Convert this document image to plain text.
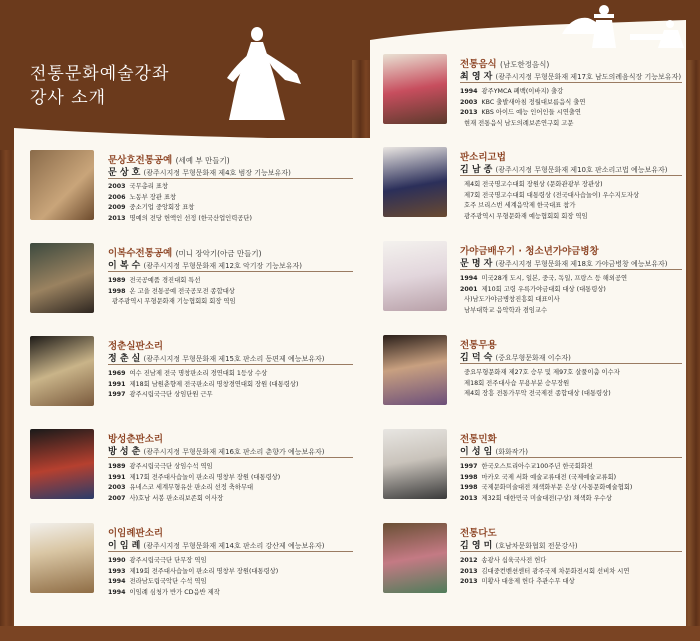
전통문화예술강좌
강사 소개
문상호전통공예 (세예 부 만들기)
문 상 호 (광주시지정 무형문화재 제4호 범장 기능보유자)
2003 국무총리 표창
2006 노동부 장관 표창
2009 중소기업 중앙회장 표창
2013 명예의 전당 헌액인 선정 (한국산업인력공단)
이복수전통공예 (미니 장악기(아금 만들기)
이 복 수 (광주시지정 무형문화재 제12호 악기장 기능보유자)
1989 전국공예품 경진대회 특선
1998 온 고을 전통공예 전국공모전 종합대상
광주광역시 무형문화재 기능협회회 회장 역임
정춘실판소리
정 춘 실 (광주시지정 무형문화재 제15호 판소리 동편제 예능보유자)
1969 여수 진남제 전국 명창판소리 경연대회 1등상 수상
1991 제18회 남원춘향제 전국판소리 명창경연대회 장원 (대통령상)
1997 광주시립국극단 상임단원 근무
방성춘판소리
방 성 춘 (광주시지정 무형문화재 제16호 판소리 춘향가 예능보유자)
1989 광주시립국극단 상임수석 역임
1991 제17회 전주대사습놀이 판소리 명창부 장원 (대통령상)
2003 유네스코 세계무형유산 판소리 선정 축하무대
2007 사)호남 서봉 판소리보존회 이사장
이임례판소리
이 임 례 (광주시지정 무형문화재 제14호 판소리 강산제 예능보유자)
1990 광주시립국극단 단무장 역임
1993 제19회 전주대사습놀이 판소리 명창부 장원(대통령상)
1994 전라남도립국악단 수석 역임
1994 이임례 심청가 반가 CD음반 제작
전통음식 (남도한정음식)
최 영 자 (광주시지정 무형문화재 제17호 남도의례음식장 기능보유자)
1994 광주YMCA 폐백(이바지) 출강
2003 KBC 출발새아침 정월대보름음식 출연
2013 KBS 아이드 예능 인어인들 시연출연
현재 전통음식 남도의례보존연구회 고문
판소리고법
김 남 종 (광주시지정 무형문화재 제10호 판소리고법 예능보유자)
제4회 전국명고수대회 장원상 (문화관광부 장관상)
제7회 전국명고수대회 대통령상 (전국대사습놀이) 우수지도자상
호주 브리스번 세계음악제 한국대표 참가
광주광역시 무형문화재 예능협회회 회장 역임
가야금배우기 · 청소년가야금병창
문 명 자 (광주시지정 무형문화재 제18호 가야금병창 예능보유자)
1994 미국28개 도시, 일본, 중국, 독일, 프랑스 등 해외공연
2001 제10회 고령 우륵가야금대회 대상 (대통령상)
사)남도가야금병창진흥회 대표이사
남부대학교 음악학과 겸임교수
전통무용
김 덕 숙 (중요무형문화재 이수자)
중요무형문화재 제27호 승무 및 제97호 살풀이춤 이수자
제18회 전주대사습 무용부분 승무장원
제4회 장흥 전통가무악 전국제전 종합대상 (대통령상)
전통민화
이 성 임 (화화작가)
1997 한국오스트리아수교100주년 한국회화전
1998 마카오 국제 서화 예술교류대전 (국제예술교류회)
1998 국제문화미술대전 채색화부문 은상 (사통문화예술협회)
2013 제32회 대한민국 미술대전(구상) 채색화 우수상
전통다도
김 영 미 (호남차문화협회 전문강사)
2012 송광사 십육국사전 헌다
2013 김대중컨벤션센터 광주국제 차문화전시회 선비차 시연
2013 미황사 대웅제 헌다 추관수무 대상
